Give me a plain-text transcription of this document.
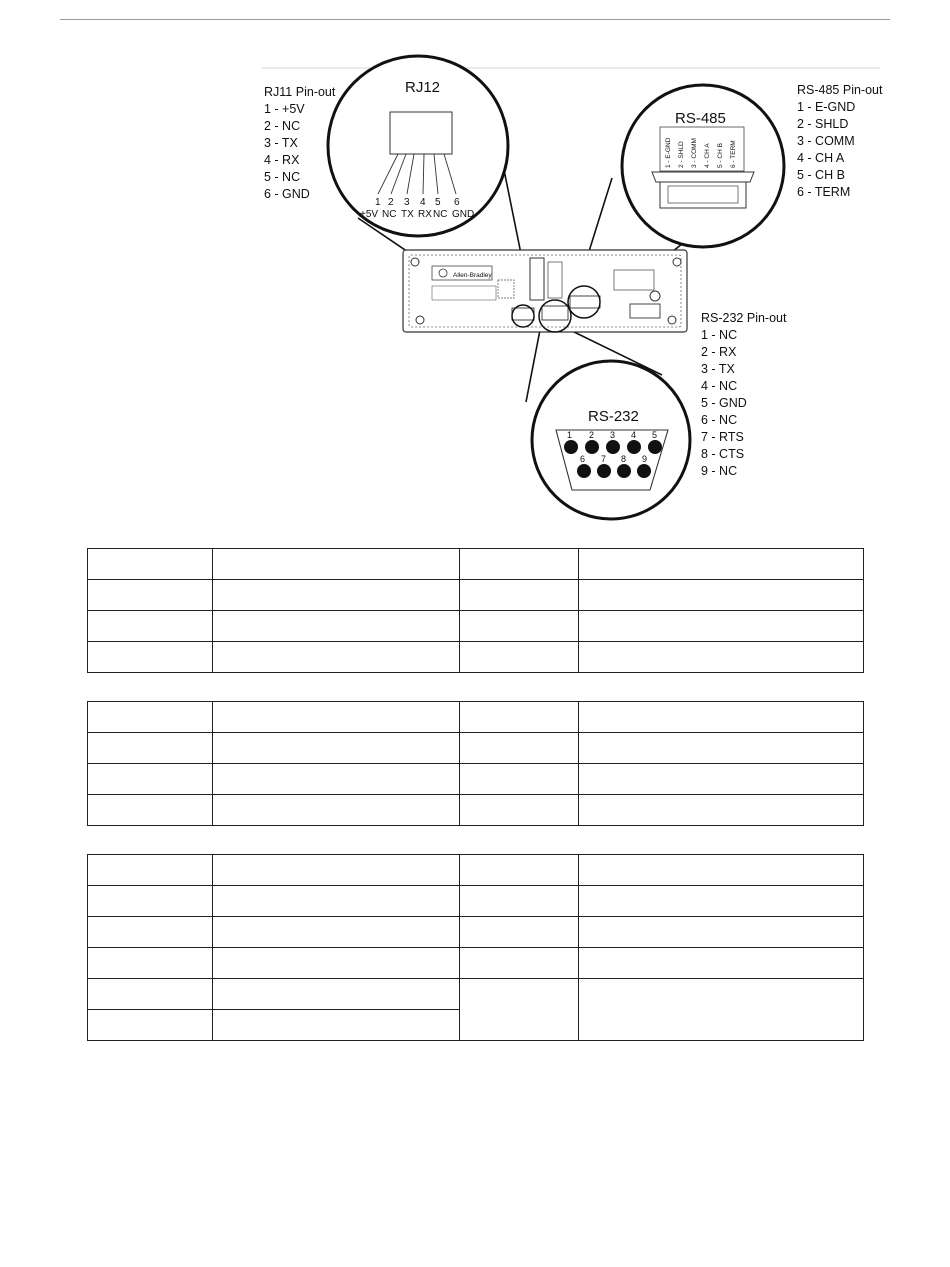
RJ11 Pin-out
1 - +5V
2 - NC
3 - TX
4 - RX
5 - NC
6 - GND
RS-485 Pin-out
1 - E-GND
2 - SHLD
3 - COMM
4 - CH A
5 - CH B
6 - TERM
RS-232 Pin-out
1 - NC
2 - RX
3 - TX
4 - NC
5 - GND
6 - NC
7 - RTS
8 - CTS
9 - NC
Allen-Bradley
RJ12
1 2 3 4 5 6
+5V NC TX RX NC GND
RS-485
1 - E-GND 2 - SHLD 3 - COMM 4 - CH A 5 - CH B 6 - TERM
RS-232
1 2 3 4 5
6 7 8 9
